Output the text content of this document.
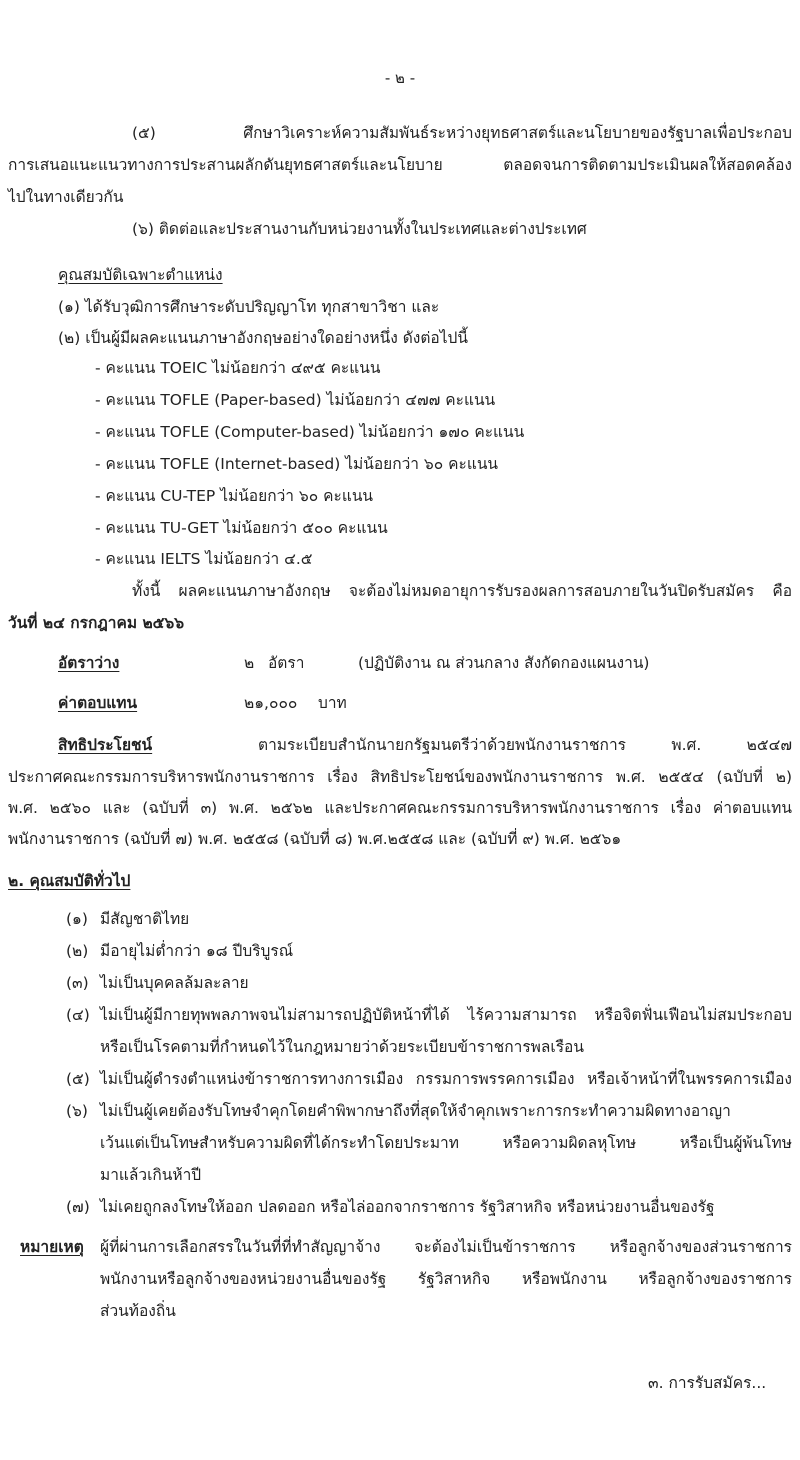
- ๒ -
(๕) ศึกษาวิเคราะห์ความสัมพันธ์ระหว่างยุทธศาสตร์และนโยบายของรัฐบาลเพื่อประกอบ
การเสนอแนะแนวทางการประสานผลักดันยุทธศาสตร์และนโยบาย ตลอดจนการติดตามประเมินผลให้สอดคล้อง
ไปในทางเดียวกัน
(๖) ติดต่อและประสานงานกับหน่วยงานทั้งในประเทศและต่างประเทศ
คุณสมบัติเฉพาะตำแหน่ง
(๑) ได้รับวุฒิการศึกษาระดับปริญญาโท ทุกสาขาวิชา และ
(๒) เป็นผู้มีผลคะแนนภาษาอังกฤษอย่างใดอย่างหนึ่ง ดังต่อไปนี้
- คะแนน TOEIC ไม่น้อยกว่า ๔๙๕ คะแนน
- คะแนน TOFLE (Paper-based) ไม่น้อยกว่า ๔๗๗ คะแนน
- คะแนน TOFLE (Computer-based) ไม่น้อยกว่า ๑๗๐ คะแนน
- คะแนน TOFLE (Internet-based) ไม่น้อยกว่า ๖๐ คะแนน
- คะแนน CU-TEP ไม่น้อยกว่า ๖๐ คะแนน
- คะแนน TU-GET ไม่น้อยกว่า ๕๐๐ คะแนน
- คะแนน IELTS ไม่น้อยกว่า ๔.๕
ทั้งนี้ ผลคะแนนภาษาอังกฤษ จะต้องไม่หมดอายุการรับรองผลการสอบภายในวันปิดรับสมัคร คือ
วันที่ ๒๔ กรกฎาคม ๒๕๖๖
อัตราว่าง	๒ อัตรา	(ปฏิบัติงาน ณ ส่วนกลาง สังกัดกองแผนงาน)
ค่าตอบแทน	๒๑,๐๐๐ บาท
สิทธิประโยชน์	ตามระเบียบสำนักนายกรัฐมนตรีว่าด้วยพนักงานราชการ พ.ศ. ๒๕๔๗
ประกาศคณะกรรมการบริหารพนักงานราชการ เรื่อง สิทธิประโยชน์ของพนักงานราชการ พ.ศ. ๒๕๕๔ (ฉบับที่ ๒)
พ.ศ. ๒๕๖๐ และ (ฉบับที่ ๓) พ.ศ. ๒๕๖๒ และประกาศคณะกรรมการบริหารพนักงานราชการ เรื่อง ค่าตอบแทน
พนักงานราชการ (ฉบับที่ ๗) พ.ศ. ๒๕๕๘ (ฉบับที่ ๘) พ.ศ.๒๕๕๘ และ (ฉบับที่ ๙) พ.ศ. ๒๕๖๑
๒. คุณสมบัติทั่วไป
(๑) มีสัญชาติไทย
(๒) มีอายุไม่ต่ำกว่า ๑๘ ปีบริบูรณ์
(๓) ไม่เป็นบุคคลล้มละลาย
(๔) ไม่เป็นผู้มีกายทุพพลภาพจนไม่สามารถปฏิบัติหน้าที่ได้ ไร้ความสามารถ หรือจิตฟั่นเฟือนไม่สมประกอบ
หรือเป็นโรคตามที่กำหนดไว้ในกฎหมายว่าด้วยระเบียบข้าราชการพลเรือน
(๕) ไม่เป็นผู้ดำรงตำแหน่งข้าราชการทางการเมือง กรรมการพรรคการเมือง หรือเจ้าหน้าที่ในพรรคการเมือง
(๖) ไม่เป็นผู้เคยต้องรับโทษจำคุกโดยคำพิพากษาถึงที่สุดให้จำคุกเพราะการกระทำความผิดทางอาญา
เว้นแต่เป็นโทษสำหรับความผิดที่ได้กระทำโดยประมาท หรือความผิดลหุโทษ หรือเป็นผู้พ้นโทษ
มาแล้วเกินห้าปี
(๗) ไม่เคยถูกลงโทษให้ออก ปลดออก หรือไล่ออกจากราชการ รัฐวิสาหกิจ หรือหน่วยงานอื่นของรัฐ
หมายเหตุ ผู้ที่ผ่านการเลือกสรรในวันที่ที่ทำสัญญาจ้าง จะต้องไม่เป็นข้าราชการ หรือลูกจ้างของส่วนราชการ
พนักงานหรือลูกจ้างของหน่วยงานอื่นของรัฐ รัฐวิสาหกิจ หรือพนักงาน หรือลูกจ้างของราชการ
ส่วนท้องถิ่น
๓. การรับสมัคร...
